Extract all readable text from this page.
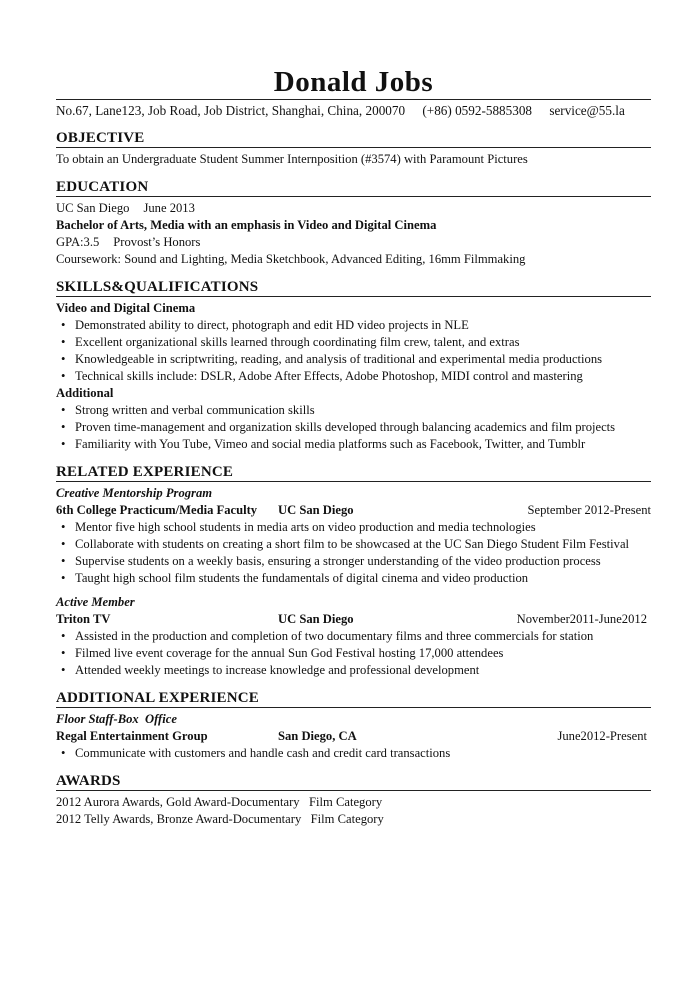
Donald Jobs
No.67, Lane123, Job Road, Job District, Shanghai, China, 200070 (+86) 0592-5885308 service@55.la
OBJECTIVE
To obtain an Undergraduate Student Summer Internposition (#3574) with Paramount Pictures
EDUCATION
UC San Diego June 2013
Bachelor of Arts, Media with an emphasis in Video and Digital Cinema
GPA:3.5 Provost’s Honors
Coursework: Sound and Lighting, Media Sketchbook, Advanced Editing, 16mm Filmmaking
SKILLS&QUALIFICATIONS
Video and Digital Cinema
• Demonstrated ability to direct, photograph and edit HD video projects in NLE
• Excellent organizational skills learned through coordinating film crew, talent, and extras
• Knowledgeable in scriptwriting, reading, and analysis of traditional and experimental media productions
• Technical skills include: DSLR, Adobe After Effects, Adobe Photoshop, MIDI control and mastering
Additional
• Strong written and verbal communication skills
• Proven time-management and organization skills developed through balancing academics and film projects
• Familiarity with You Tube, Vimeo and social media platforms such as Facebook, Twitter, and Tumblr
RELATED EXPERIENCE
Creative Mentorship Program
6th College Practicum/Media Faculty UC San Diego	September 2012-Present
• Mentor five high school students in media arts on video production and media technologies
• Collaborate with students on creating a short film to be showcased at the UC San Diego Student Film Festival
• Supervise students on a weekly basis, ensuring a stronger understanding of the video production process
• Taught high school film students the fundamentals of digital cinema and video production
Active Member
Triton TV	UC San Diego	November2011-June2012
• Assisted in the production and completion of two documentary films and three commercials for station
• Filmed live event coverage for the annual Sun God Festival hosting 17,000 attendees
• Attended weekly meetings to increase knowledge and professional development
ADDITIONAL EXPERIENCE
Floor Staff-Box  Office
Regal Entertainment Group	San Diego, CA	June2012-Present
• Communicate with customers and handle cash and credit card transactions
AWARDS
2012 Aurora Awards, Gold Award-Documentary   Film Category
2012 Telly Awards, Bronze Award-Documentary   Film Category
